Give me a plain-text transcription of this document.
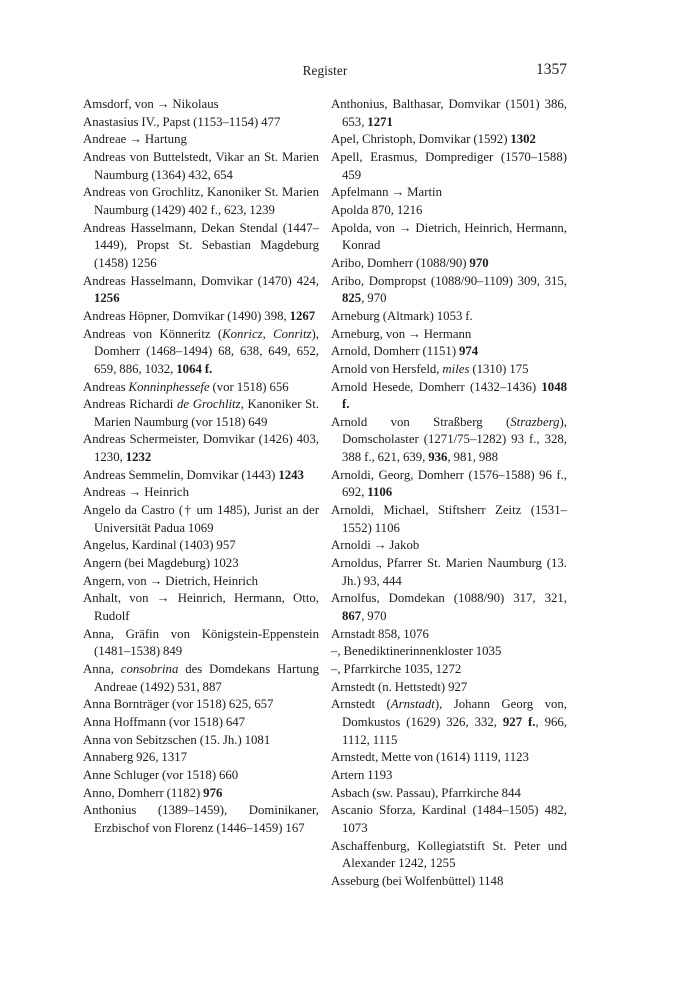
Register	1357
Amsdorf, von → Nikolaus
Anastasius IV., Papst (1153–1154) 477
Andreae → Hartung
Andreas von Buttelstedt, Vikar an St. Marien Naumburg (1364) 432, 654
Andreas von Grochlitz, Kanoniker St. Marien Naumburg (1429) 402 f., 623, 1239
Andreas Hasselmann, Dekan Stendal (1447–1449), Propst St. Sebastian Magdeburg (1458) 1256
Andreas Hasselmann, Domvikar (1470) 424, 1256
Andreas Höpner, Domvikar (1490) 398, 1267
Andreas von Könneritz (Konricz, Conritz), Domherr (1468–1494) 68, 638, 649, 652, 659, 886, 1032, 1064 f.
Andreas Konninphessefe (vor 1518) 656
Andreas Richardi de Grochlitz, Kanoniker St. Marien Naumburg (vor 1518) 649
Andreas Schermeister, Domvikar (1426) 403, 1230, 1232
Andreas Semmelin, Domvikar (1443) 1243
Andreas → Heinrich
Angelo da Castro († um 1485), Jurist an der Universität Padua 1069
Angelus, Kardinal (1403) 957
Angern (bei Magdeburg) 1023
Angern, von → Dietrich, Heinrich
Anhalt, von → Heinrich, Hermann, Otto, Rudolf
Anna, Gräfin von Königstein-Eppenstein (1481–1538) 849
Anna, consobrina des Domdekans Hartung Andreae (1492) 531, 887
Anna Bornträger (vor 1518) 625, 657
Anna Hoffmann (vor 1518) 647
Anna von Sebitzschen (15. Jh.) 1081
Annaberg 926, 1317
Anne Schluger (vor 1518) 660
Anno, Domherr (1182) 976
Anthonius (1389–1459), Dominikaner, Erzbischof von Florenz (1446–1459) 167
Anthonius, Balthasar, Domvikar (1501) 386, 653, 1271
Apel, Christoph, Domvikar (1592) 1302
Apell, Erasmus, Domprediger (1570–1588) 459
Apfelmann → Martin
Apolda 870, 1216
Apolda, von → Dietrich, Heinrich, Hermann, Konrad
Aribo, Domherr (1088/90) 970
Aribo, Dompropst (1088/90–1109) 309, 315, 825, 970
Arneburg (Altmark) 1053 f.
Arneburg, von → Hermann
Arnold, Domherr (1151) 974
Arnold von Hersfeld, miles (1310) 175
Arnold Hesede, Domherr (1432–1436) 1048 f.
Arnold von Straßberg (Strazberg), Domscholaster (1271/75–1282) 93 f., 328, 388 f., 621, 639, 936, 981, 988
Arnoldi, Georg, Domherr (1576–1588) 96 f., 692, 1106
Arnoldi, Michael, Stiftsherr Zeitz (1531–1552) 1106
Arnoldi → Jakob
Arnoldus, Pfarrer St. Marien Naumburg (13. Jh.) 93, 444
Arnolfus, Domdekan (1088/90) 317, 321, 867, 970
Arnstadt 858, 1076
–, Benediktinerinnenkloster 1035
–, Pfarrkirche 1035, 1272
Arnstedt (n. Hettstedt) 927
Arnstedt (Arnstadt), Johann Georg von, Domkustos (1629) 326, 332, 927 f., 966, 1112, 1115
Arnstedt, Mette von (1614) 1119, 1123
Artern 1193
Asbach (sw. Passau), Pfarrkirche 844
Ascanio Sforza, Kardinal (1484–1505) 482, 1073
Aschaffenburg, Kollegiatstift St. Peter und Alexander 1242, 1255
Asseburg (bei Wolfenbüttel) 1148
